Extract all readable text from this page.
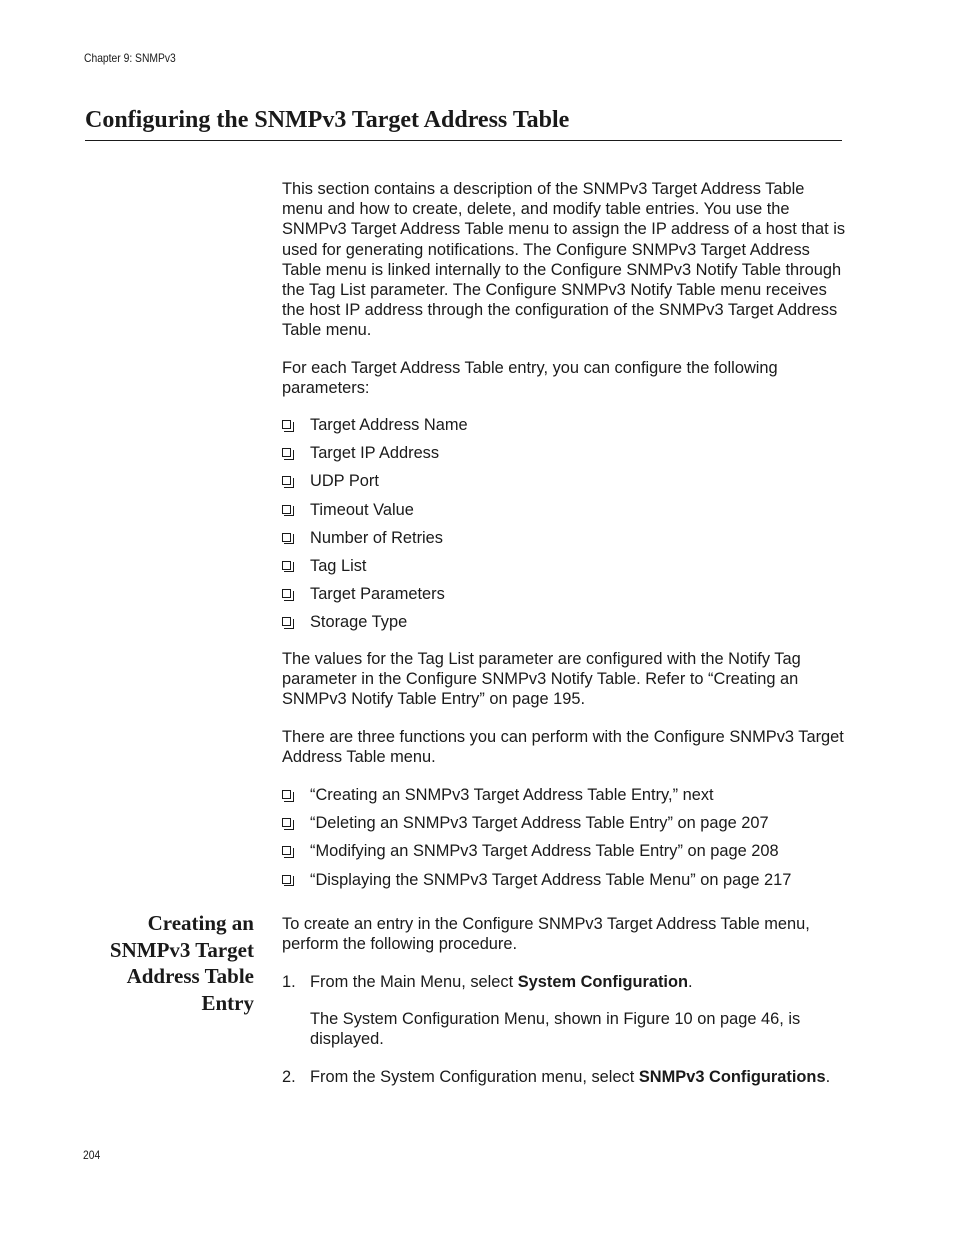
Chapter 9: SNMPv3
Configuring the SNMPv3 Target Address Table

This section contains a description of the SNMPv3 Target Address Table menu and how to create, delete, and modify table entries. You use the SNMPv3 Target Address Table menu to assign the IP address of a host that is used for generating notifications. The Configure SNMPv3 Target Address Table menu is linked internally to the Configure SNMPv3 Notify Table through the Tag List parameter. The Configure SNMPv3 Notify Table menu receives the host IP address through the configuration of the SNMPv3 Target Address Table menu.

For each Target Address Table entry, you can configure the following parameters:

Target Address Name
Target IP Address
UDP Port
Timeout Value
Number of Retries
Tag List
Target Parameters
Storage Type

The values for the Tag List parameter are configured with the Notify Tag parameter in the Configure SNMPv3 Notify Table. Refer to “Creating an SNMPv3 Notify Table Entry” on page 195.

There are three functions you can perform with the Configure SNMPv3 Target Address Table menu.

“Creating an SNMPv3 Target Address Table Entry,” next
“Deleting an SNMPv3 Target Address Table Entry” on page 207
“Modifying an SNMPv3 Target Address Table Entry” on page 208
“Displaying the SNMPv3 Target Address Table Menu” on page 217
Creating an SNMPv3 Target Address Table Entry

To create an entry in the Configure SNMPv3 Target Address Table menu, perform the following procedure.

1. From the Main Menu, select System Configuration.
The System Configuration Menu, shown in Figure 10 on page 46, is displayed.
2. From the System Configuration menu, select SNMPv3 Configurations.
204
